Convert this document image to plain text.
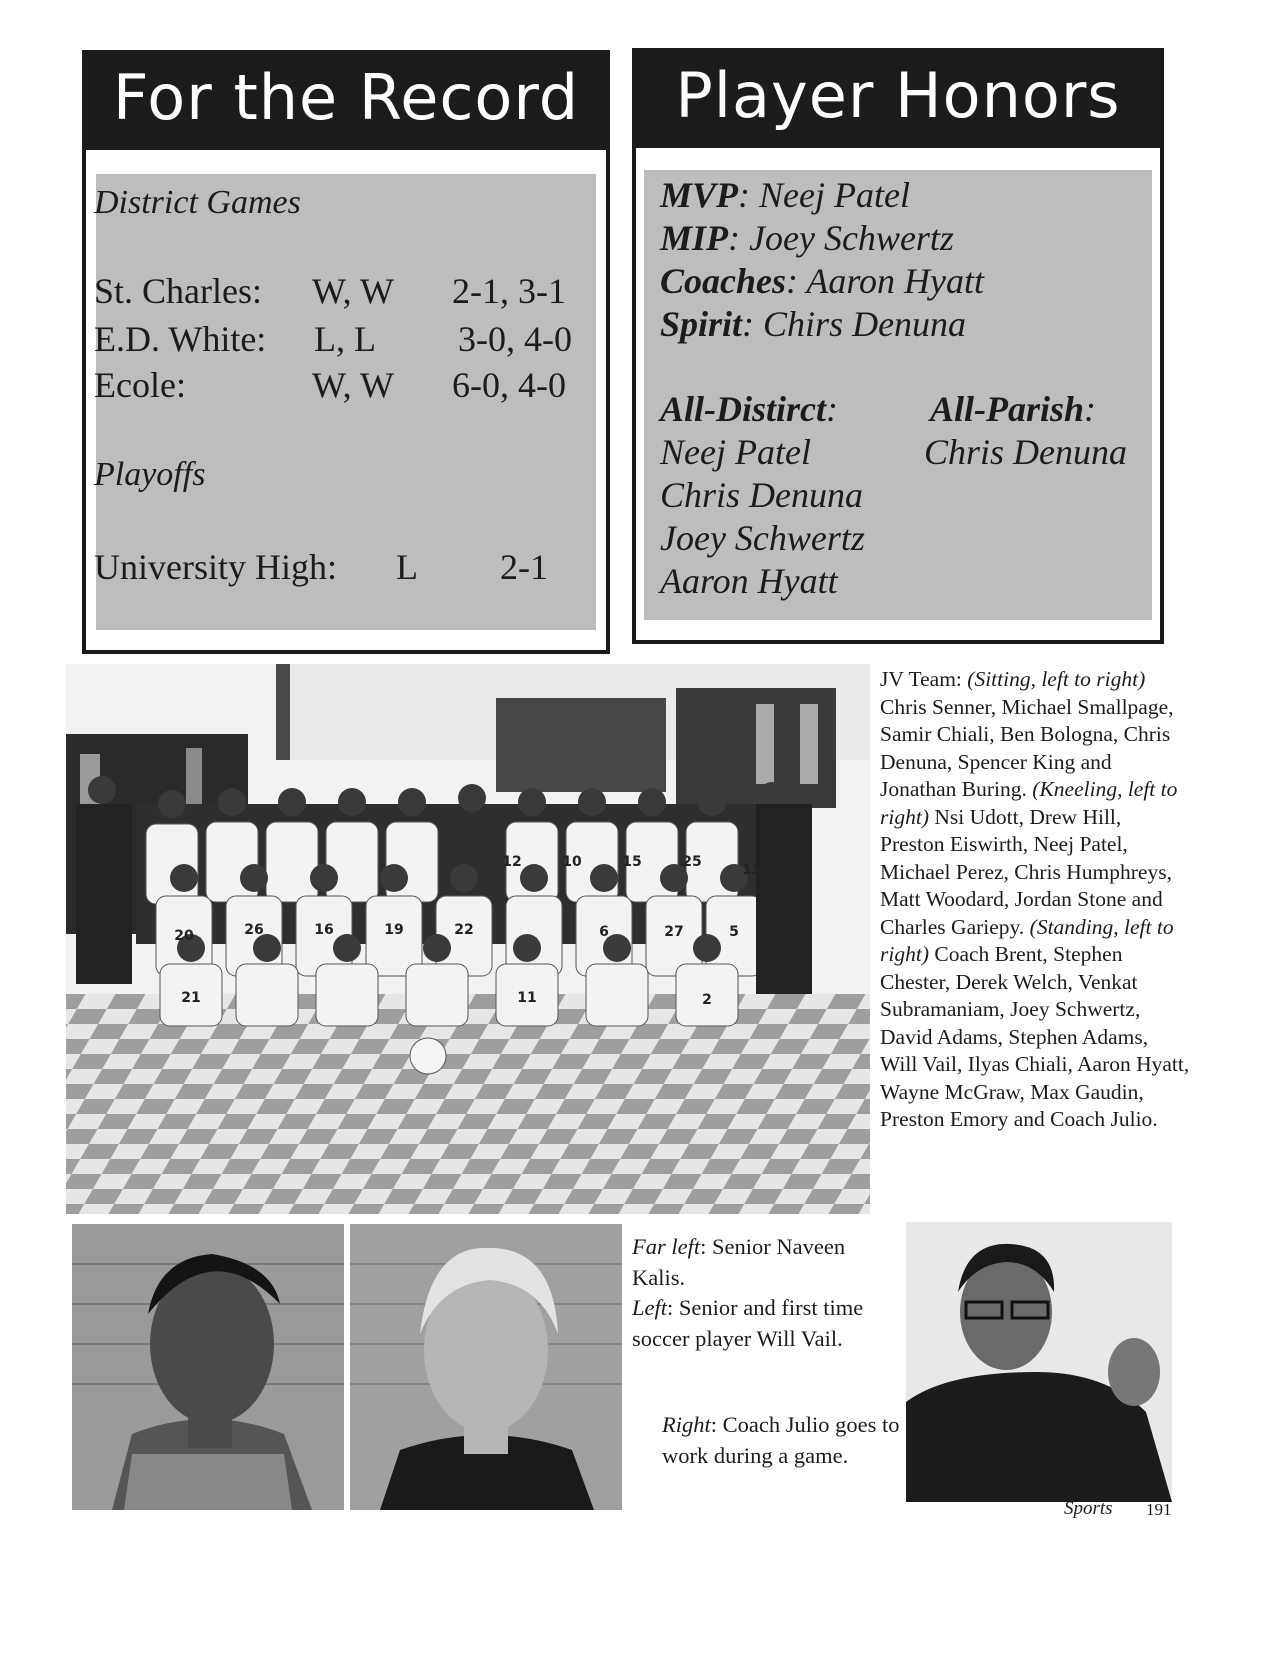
For the Record
District Games
St. Charles: W, W 2-1, 3-1
E.D. White: L, L 3-0, 4-0
Ecole:	W, W 6-0, 4-0
Playoffs
University High: L 2-1
Player Honors
MVP: Neej Patel
MIP: Joey Schwertz
Coaches: Aaron Hyatt
Spirit: Chirs Denuna
All-Distirct:
Neej Patel
Chris Denuna
Joey Schwertz
Aaron Hyatt
All-Parish:
Chris Denuna
12	10	15	25	13
20	26	16	19	22	6	27	5
21	11	2
JV Team: (Sitting, left to right) Chris Senner, Michael Smallpage, Samir Chiali, Ben Bologna, Chris Denuna, Spencer King and Jonathan Buring. (Kneeling, left to right) Nsi Udott, Drew Hill, Preston Eiswirth, Neej Patel, Michael Perez, Chris Humphreys, Matt Woodard, Jordan Stone and Charles Gariepy. (Standing, left to right) Coach Brent, Stephen Chester, Derek Welch, Venkat Subramaniam, Joey Schwertz, David Adams, Stephen Adams, Will Vail, Ilyas Chiali, Aaron Hyatt, Wayne McGraw, Max Gaudin, Preston Emory and Coach Julio.
Far left: Senior Naveen Kalis.
Left: Senior and first time soccer player Will Vail.
Right: Coach Julio goes to work during a game.
Sports 191
